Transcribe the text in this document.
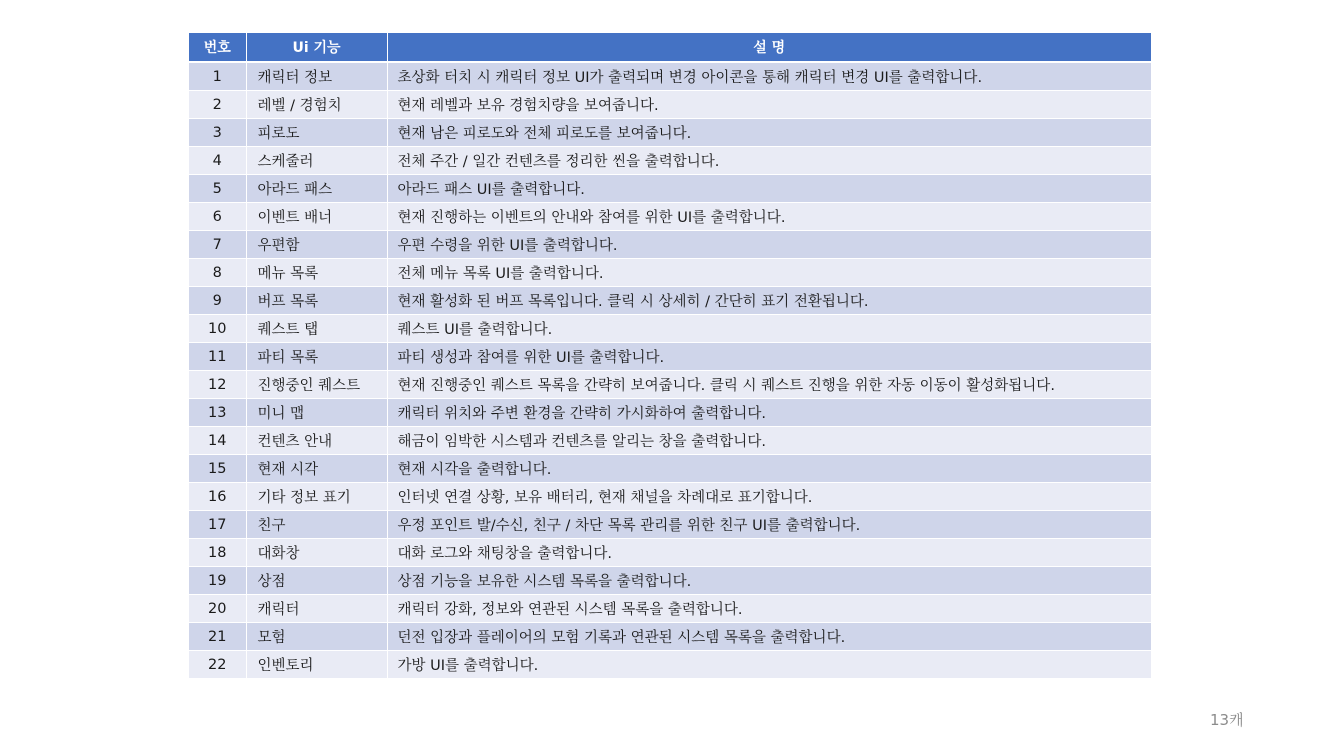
번호	Ui 기능	설 명
1	캐릭터 정보	초상화 터치 시 캐릭터 정보 UI가 출력되며 변경 아이콘을 통해 캐릭터 변경 UI를 출력합니다.
2	레벨 / 경험치	현재 레벨과 보유 경험치량을 보여줍니다.
3	피로도	현재 남은 피로도와 전체 피로도를 보여줍니다.
4	스케줄러	전체 주간 / 일간 컨텐츠를 정리한 씬을 출력합니다.
5	아라드 패스	아라드 패스 UI를 출력합니다.
6	이벤트 배너	현재 진행하는 이벤트의 안내와 참여를 위한 UI를 출력합니다.
7	우편함	우편 수령을 위한 UI를 출력합니다.
8	메뉴 목록	전체 메뉴 목록 UI를 출력합니다.
9	버프 목록	현재 활성화 된 버프 목록입니다. 클릭 시 상세히 / 간단히 표기 전환됩니다.
10	퀘스트 탭	퀘스트 UI를 출력합니다.
11	파티 목록	파티 생성과 참여를 위한 UI를 출력합니다.
12	진행중인 퀘스트	현재 진행중인 퀘스트 목록을 간략히 보여줍니다. 클릭 시 퀘스트 진행을 위한 자동 이동이 활성화됩니다.
13	미니 맵	캐릭터 위치와 주변 환경을 간략히 가시화하여 출력합니다.
14	컨텐츠 안내	해금이 임박한 시스템과 컨텐츠를 알리는 창을 출력합니다.
15	현재 시각	현재 시각을 출력합니다.
16	기타 정보 표기	인터넷 연결 상황, 보유 배터리, 현재 채널을 차례대로 표기합니다.
17	친구	우정 포인트 발/수신, 친구 / 차단 목록 관리를 위한 친구 UI를 출력합니다.
18	대화창	대화 로그와 채팅창을 출력합니다.
19	상점	상점 기능을 보유한 시스템 목록을 출력합니다.
20	캐릭터	캐릭터 강화, 정보와 연관된 시스템 목록을 출력합니다.
21	모험	던전 입장과 플레이어의 모험 기록과 연관된 시스템 목록을 출력합니다.
22	인벤토리	가방 UI를 출력합니다.
13캐
